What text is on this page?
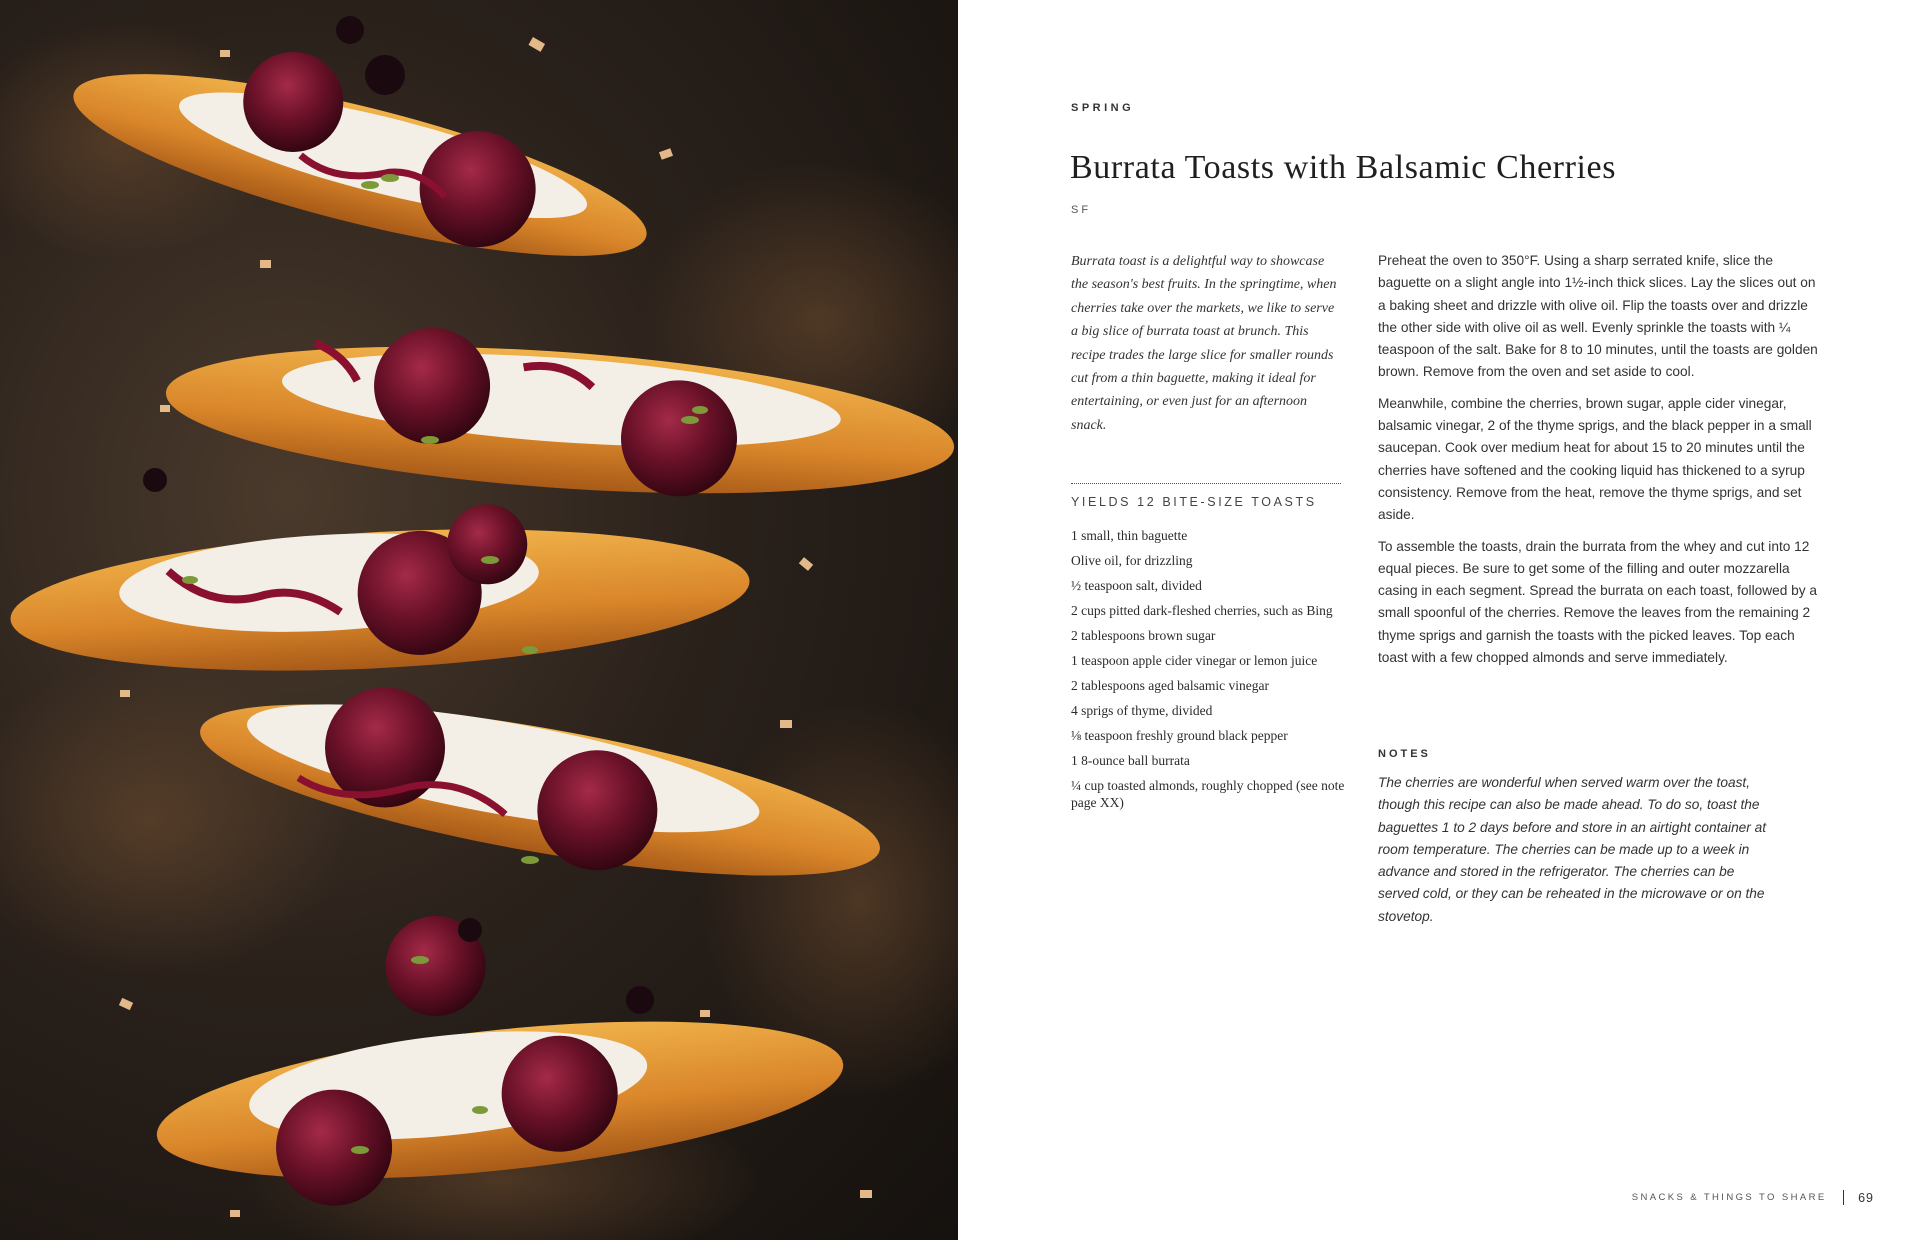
SPRING
Burrata Toasts with Balsamic Cherries
SF

Burrata toast is a delightful way to showcase the season's best fruits. In the springtime, when cherries take over the markets, we like to serve a big slice of burrata toast at brunch. This recipe trades the large slice for smaller rounds cut from a thin baguette, making it ideal for entertaining, or even just for an afternoon snack.

YIELDS 12 BITE-SIZE TOASTS
1 small, thin baguette
Olive oil, for drizzling
½ teaspoon salt, divided
2 cups pitted dark-fleshed cherries, such as Bing
2 tablespoons brown sugar
1 teaspoon apple cider vinegar or lemon juice
2 tablespoons aged balsamic vinegar
4 sprigs of thyme, divided
⅛ teaspoon freshly ground black pepper
1 8-ounce ball burrata
¼ cup toasted almonds, roughly chopped (see note page XX)

Preheat the oven to 350°F. Using a sharp serrated knife, slice the baguette on a slight angle into 1½-inch thick slices. Lay the slices out on a baking sheet and drizzle with olive oil. Flip the toasts over and drizzle the other side with olive oil as well. Evenly sprinkle the toasts with ¼ teaspoon of the salt. Bake for 8 to 10 minutes, until the toasts are golden brown. Remove from the oven and set aside to cool.

Meanwhile, combine the cherries, brown sugar, apple cider vinegar, balsamic vinegar, 2 of the thyme sprigs, and the black pepper in a small saucepan. Cook over medium heat for about 15 to 20 minutes until the cherries have softened and the cooking liquid has thickened to a syrup consistency. Remove from the heat, remove the thyme sprigs, and set aside.

To assemble the toasts, drain the burrata from the whey and cut into 12 equal pieces. Be sure to get some of the filling and outer mozzarella casing in each segment. Spread the burrata on each toast, followed by a small spoonful of the cherries. Remove the leaves from the remaining 2 thyme sprigs and garnish the toasts with the picked leaves. Top each toast with a few chopped almonds and serve immediately.

NOTES

The cherries are wonderful when served warm over the toast, though this recipe can also be made ahead. To do so, toast the baguettes 1 to 2 days before and store in an airtight container at room temperature. The cherries can be made up to a week in advance and stored in the refrigerator. The cherries can be served cold, or they can be reheated in the microwave or on the stovetop.

SNACKS & THINGS TO SHARE	69
